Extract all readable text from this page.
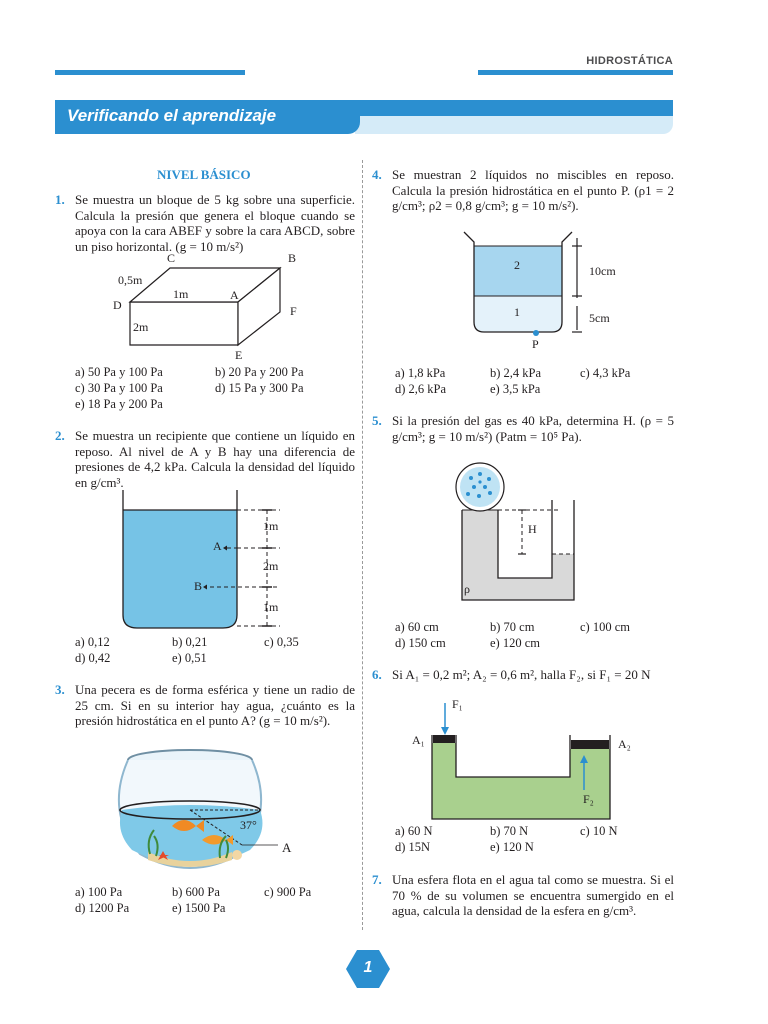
HIDROSTÁTICA
Verificando el aprendizaje
NIVEL BÁSICO
1. Se muestra un bloque de 5 kg sobre una superficie. Calcula la presión que genera el bloque cuando se apoya con la cara ABEF y sobre la cara ABCD, sobre un piso horizontal. (g = 10 m/s²)
C	B
D
A
F
E
0,5m
1m
2m
a) 50 Pa y 100 Pa	b) 20 Pa y 200 Pa
c) 30 Pa y 100 Pa	d) 15 Pa y 300 Pa
e) 18 Pa y 200 Pa
2. Se muestra un recipiente que contiene un líquido en reposo. Al nivel de A y B hay una diferencia de presiones de 4,2 kPa. Calcula la densidad del líquido en g/cm³.
A
B
1m
2m
1m
a) 0,12	b) 0,21	c) 0,35
d) 0,42	e) 0,51
3. Una pecera es de forma esférica y tiene un radio de 25 cm. Si en su interior hay agua, ¿cuánto es la presión hidrostática en el punto A? (g = 10 m/s²).
37°
A
a) 100 Pa	b) 600 Pa	c) 900 Pa
d) 1200 Pa	e) 1500 Pa
4. Se muestran 2 líquidos no miscibles en reposo. Calcula la presión hidrostática en el punto P. (ρ1 = 2 g/cm³; ρ2 = 0,8 g/cm³; g = 10 m/s²).
2
1
10cm
5cm
P
a) 1,8 kPa	b) 2,4 kPa	c) 4,3 kPa
d) 2,6 kPa	e) 3,5 kPa
5. Si la presión del gas es 40 kPa, determina H. (ρ = 5 g/cm³; g = 10 m/s²) (Patm = 10⁵ Pa).
H
ρ
a) 60 cm	b) 70 cm	c) 100 cm
d) 150 cm	e) 120 cm
6. Si A₁ = 0,2 m²; A₂ = 0,6 m², halla F₂, si F₁ = 20 N
F₁
A₁	A₂
F₂
a) 60 N	b) 70 N	c) 10 N
d) 15N	e) 120 N
7. Una esfera flota en el agua tal como se muestra. Si el 70 % de su volumen se encuentra sumergido en el agua, calcula la densidad de la esfera en g/cm³.
1
